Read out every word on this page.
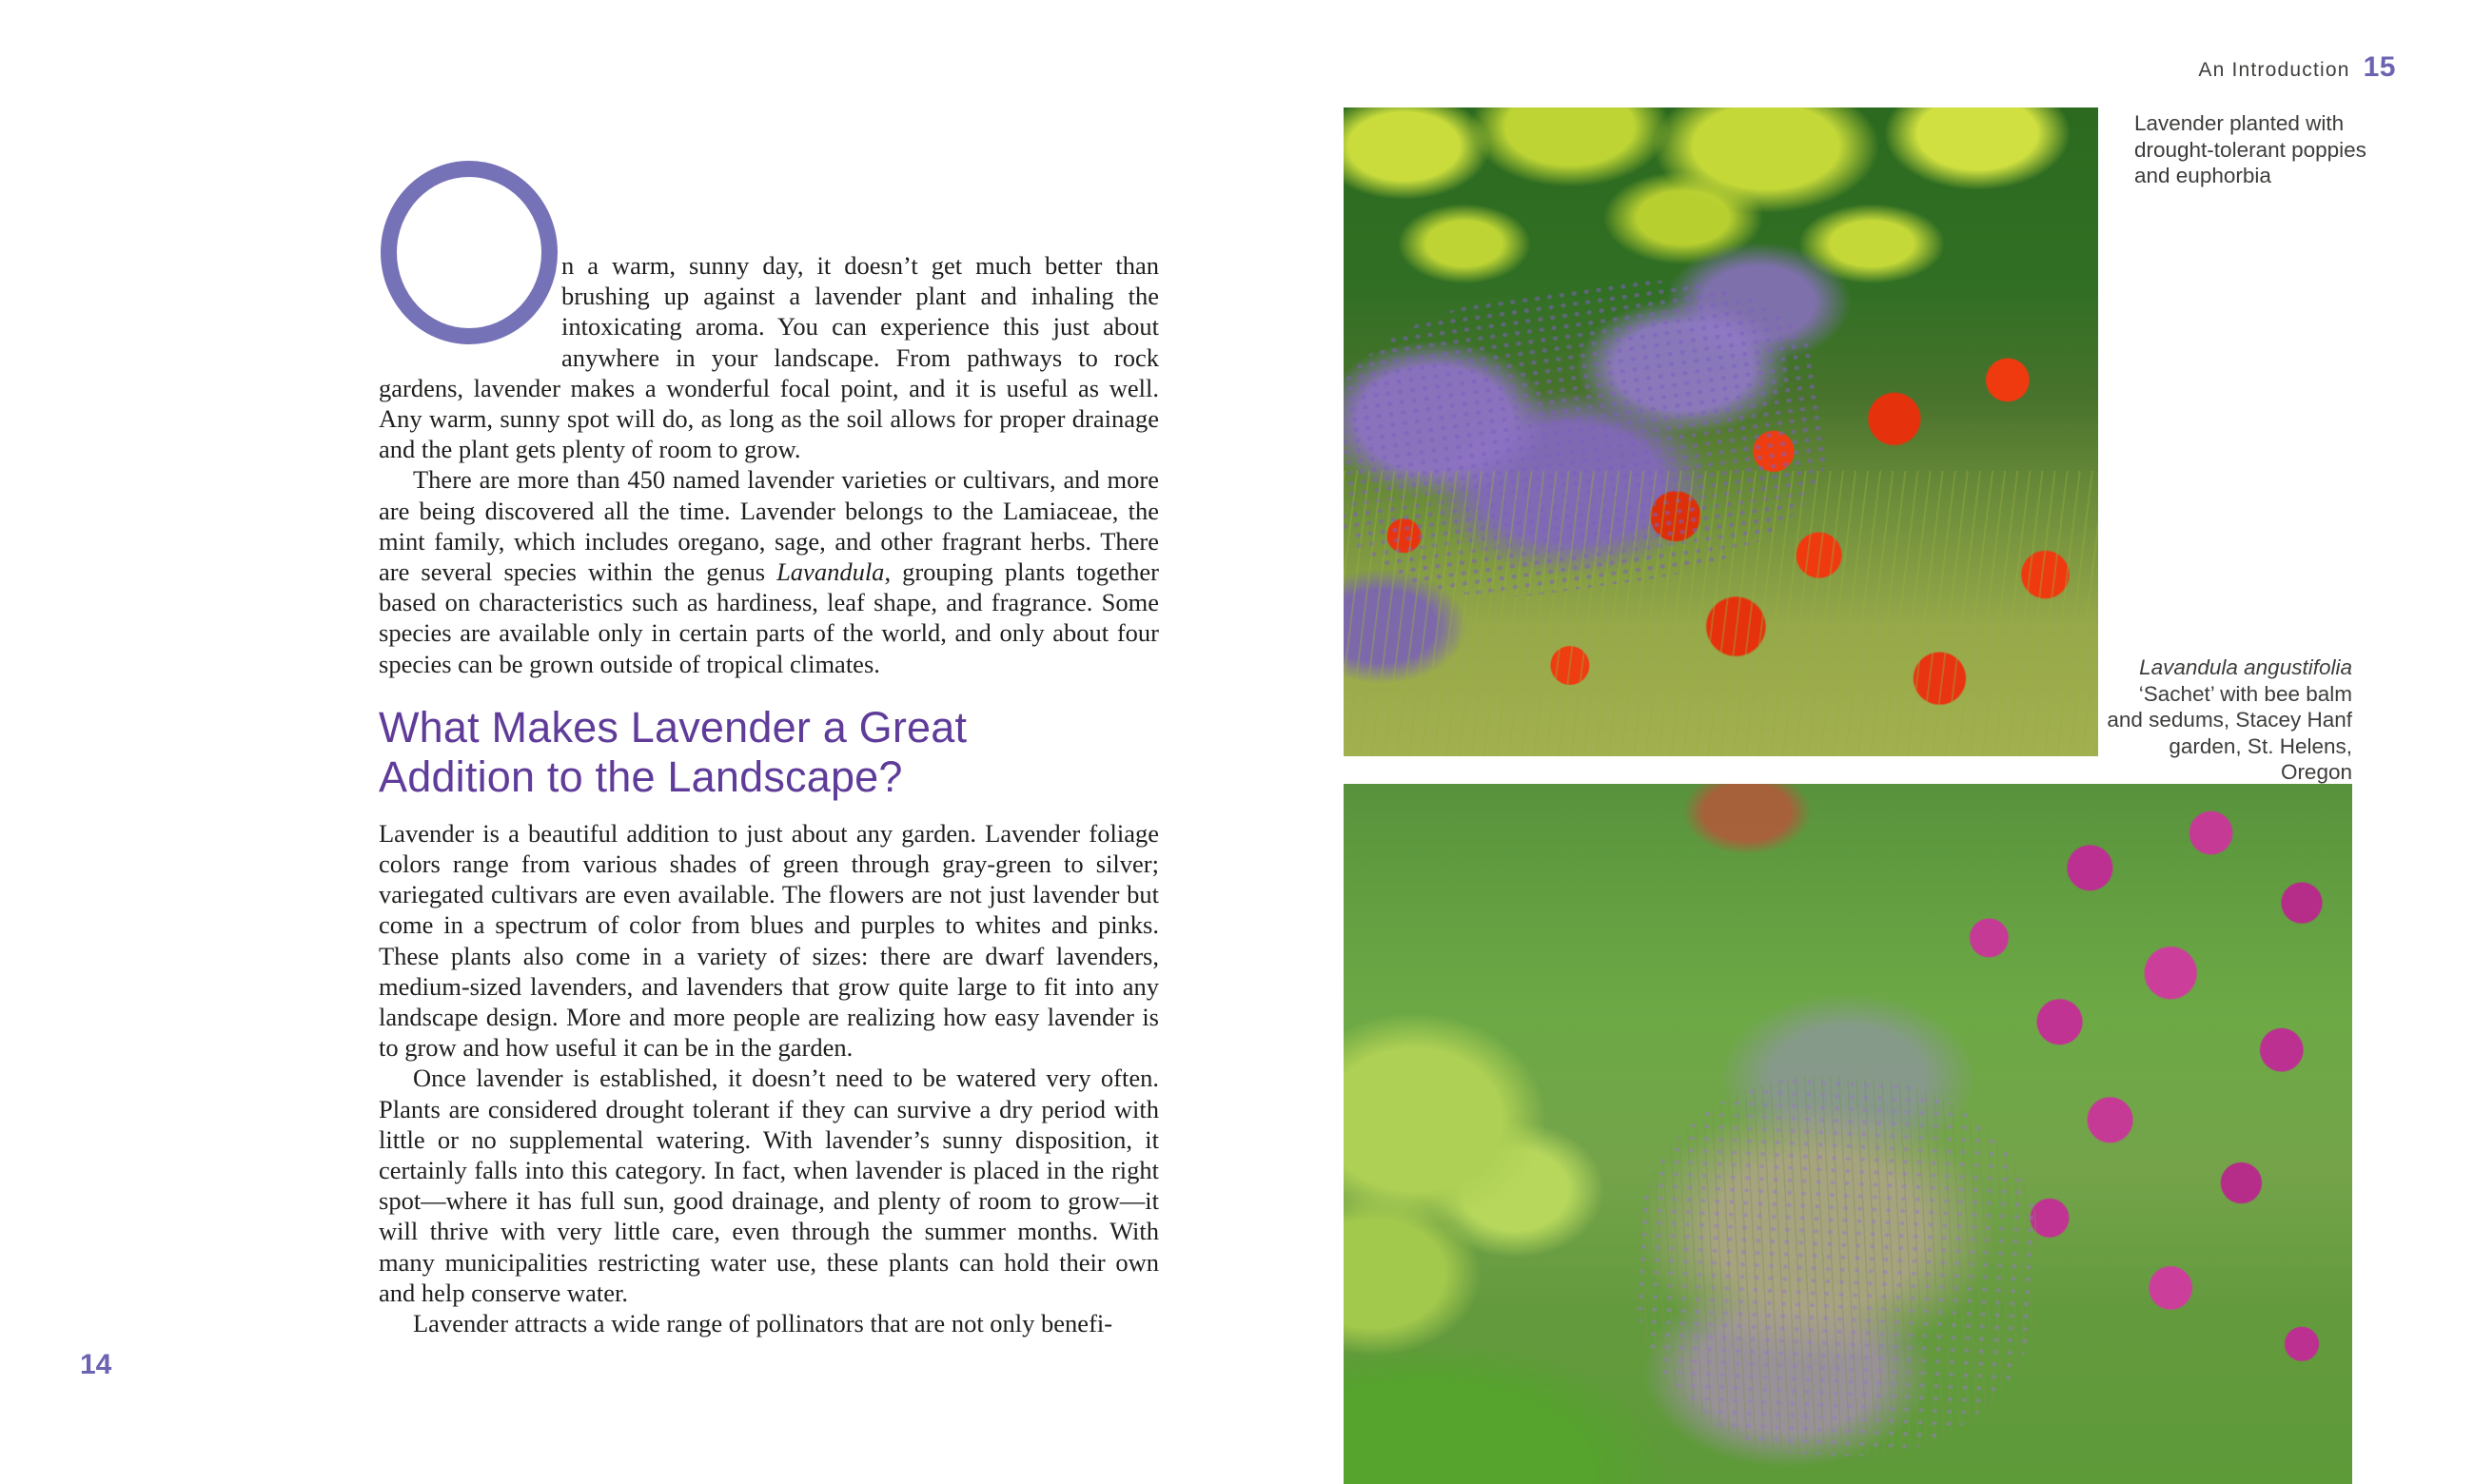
n a warm, sunny day, it doesn’t get much better than brushing up against a lavender plant and inhaling the intoxicating aroma. You can experience this just about anywhere in your landscape. From pathways to rock gardens, lavender makes a wonderful focal point, and it is useful as well. Any warm, sunny spot will do, as long as the soil allows for proper drainage and the plant gets plenty of room to grow.

There are more than 450 named lavender varieties or cultivars, and more are being discovered all the time. Lavender belongs to the Lamiaceae, the mint family, which includes oregano, sage, and other fragrant herbs. There are several species within the genus Lavandula, grouping plants together based on characteristics such as hardiness, leaf shape, and fragrance. Some species are available only in certain parts of the world, and only about four species can be grown outside of tropical climates.

What Makes Lavender a Great Addition to the Landscape?

Lavender is a beautiful addition to just about any garden. Lavender foliage colors range from various shades of green through gray-green to silver; variegated cultivars are even available. The flowers are not just lavender but come in a spectrum of color from blues and purples to whites and pinks. These plants also come in a variety of sizes: there are dwarf lavenders, medium-sized lavenders, and lavenders that grow quite large to fit into any landscape design. More and more people are realizing how easy lavender is to grow and how useful it can be in the garden.

Once lavender is established, it doesn’t need to be watered very often. Plants are considered drought tolerant if they can survive a dry period with little or no supplemental watering. With lavender’s sunny disposition, it certainly falls into this category. In fact, when lavender is placed in the right spot—where it has full sun, good drainage, and plenty of room to grow—it will thrive with very little care, even through the summer months. With many municipalities restricting water use, these plants can hold their own and help conserve water.

Lavender attracts a wide range of pollinators that are not only benefi-

14
An Introduction 15
Lavender planted with drought-tolerant poppies and euphorbia
Lavandula angustifolia
‘Sachet’ with bee balm and sedums, Stacey Hanf garden, St. Helens, Oregon
